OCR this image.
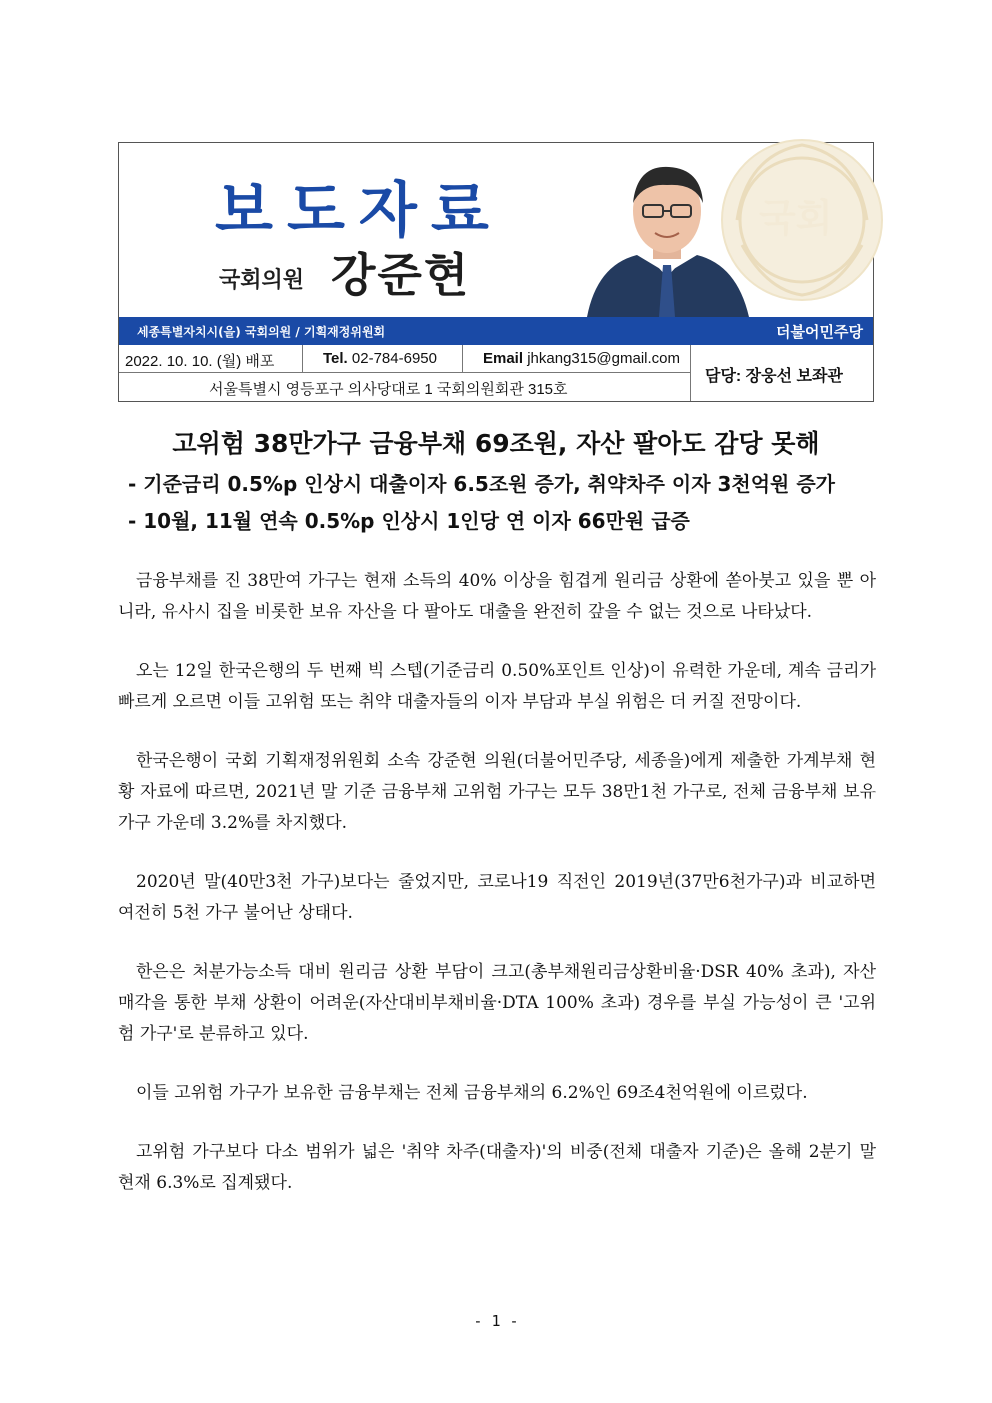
국회
보도자료
국회의원 강준현
세종특별자치시(을) 국회의원 / 기획재정위원회	더불어민주당
2022. 10. 10. (월) 배포	Tel. 02-784-6950	Email jhkang315@gmail.com
서울특별시 영등포구 의사당대로 1 국회의원회관 315호
담당: 장웅선 보좌관
고위험 38만가구 금융부채 69조원, 자산 팔아도 감당 못해
- 기준금리 0.5%p 인상시 대출이자 6.5조원 증가, 취약차주 이자 3천억원 증가
- 10월, 11월 연속 0.5%p 인상시 1인당 연 이자 66만원 급증

금융부채를 진 38만여 가구는 현재 소득의 40% 이상을 힘겹게 원리금 상환에 쏟아붓고 있을 뿐 아니라, 유사시 집을 비롯한 보유 자산을 다 팔아도 대출을 완전히 갚을 수 없는 것으로 나타났다.

오는 12일 한국은행의 두 번째 빅 스텝(기준금리 0.50%포인트 인상)이 유력한 가운데, 계속 금리가 빠르게 오르면 이들 고위험 또는 취약 대출자들의 이자 부담과 부실 위험은 더 커질 전망이다.

한국은행이 국회 기획재정위원회 소속 강준현 의원(더불어민주당, 세종을)에게 제출한 가계부채 현황 자료에 따르면, 2021년 말 기준 금융부채 고위험 가구는 모두 38만1천 가구로, 전체 금융부채 보유 가구 가운데 3.2%를 차지했다.

2020년 말(40만3천 가구)보다는 줄었지만, 코로나19 직전인 2019년(37만6천가구)과 비교하면 여전히 5천 가구 불어난 상태다.

한은은 처분가능소득 대비 원리금 상환 부담이 크고(총부채원리금상환비율·DSR 40% 초과), 자산 매각을 통한 부채 상환이 어려운(자산대비부채비율·DTA 100% 초과) 경우를 부실 가능성이 큰 '고위험 가구'로 분류하고 있다.

이들 고위험 가구가 보유한 금융부채는 전체 금융부채의 6.2%인 69조4천억원에 이르렀다.

고위험 가구보다 다소 범위가 넓은 '취약 차주(대출자)'의 비중(전체 대출자 기준)은 올해 2분기 말 현재 6.3%로 집계됐다.

- 1 -
